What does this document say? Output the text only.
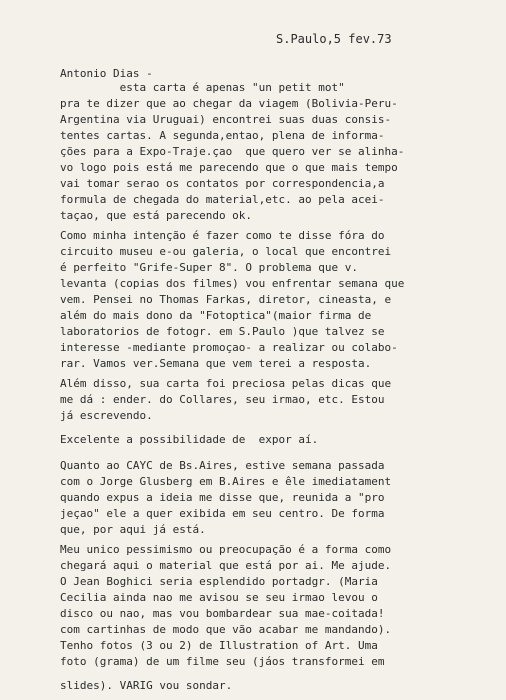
S.Paulo,5 fev.73
Antonio Dias -
esta carta é apenas "un petit mot"
pra te dizer que ao chegar da viagem (Bolivia-Peru-
Argentina via Uruguai) encontrei suas duas consis-
tentes cartas. A segunda,entao, plena de informa-
ções para a Expo-Traje.çao  que quero ver se alinha-
vo logo pois está me parecendo que o que mais tempo
vai tomar serao os contatos por correspondencia,a
formula de chegada do material,etc. ao pela acei-
taçao, que está parecendo ok.
Como minha intenção é fazer como te disse fóra do
circuito museu e-ou galeria, o local que encontrei
é perfeito "Grife-Super 8". O problema que v.
levanta (copias dos filmes) vou enfrentar semana que
vem. Pensei no Thomas Farkas, diretor, cineasta, e
além do mais dono da "Fotoptica"(maior firma de
laboratorios de fotogr. em S.Paulo )que talvez se
interesse -mediante promoçao- a realizar ou colabo-
rar. Vamos ver.Semana que vem terei a resposta.
Além disso, sua carta foi preciosa pelas dicas que
me dá : ender. do Collares, seu irmao, etc. Estou
já escrevendo.
Excelente a possibilidade de  expor aí.
Quanto ao CAYC de Bs.Aires, estive semana passada
com o Jorge Glusberg em B.Aires e êle imediatament
quando expus a ideia me disse que, reunida a "pro
jeçao" ele a quer exibida em seu centro. De forma
que, por aqui já está.
Meu unico pessimismo ou preocupação é a forma como
chegará aqui o material que está por ai. Me ajude.
O Jean Boghici seria esplendido portadgr. (Maria
Cecilia ainda nao me avisou se seu irmao levou o
disco ou nao, mas vou bombardear sua mae-coitada!
com cartinhas de modo que vão acabar me mandando).
Tenho fotos (3 ou 2) de Illustration of Art. Uma
foto (grama) de um filme seu (jáos transformei em
slides). VARIG vou sondar.
